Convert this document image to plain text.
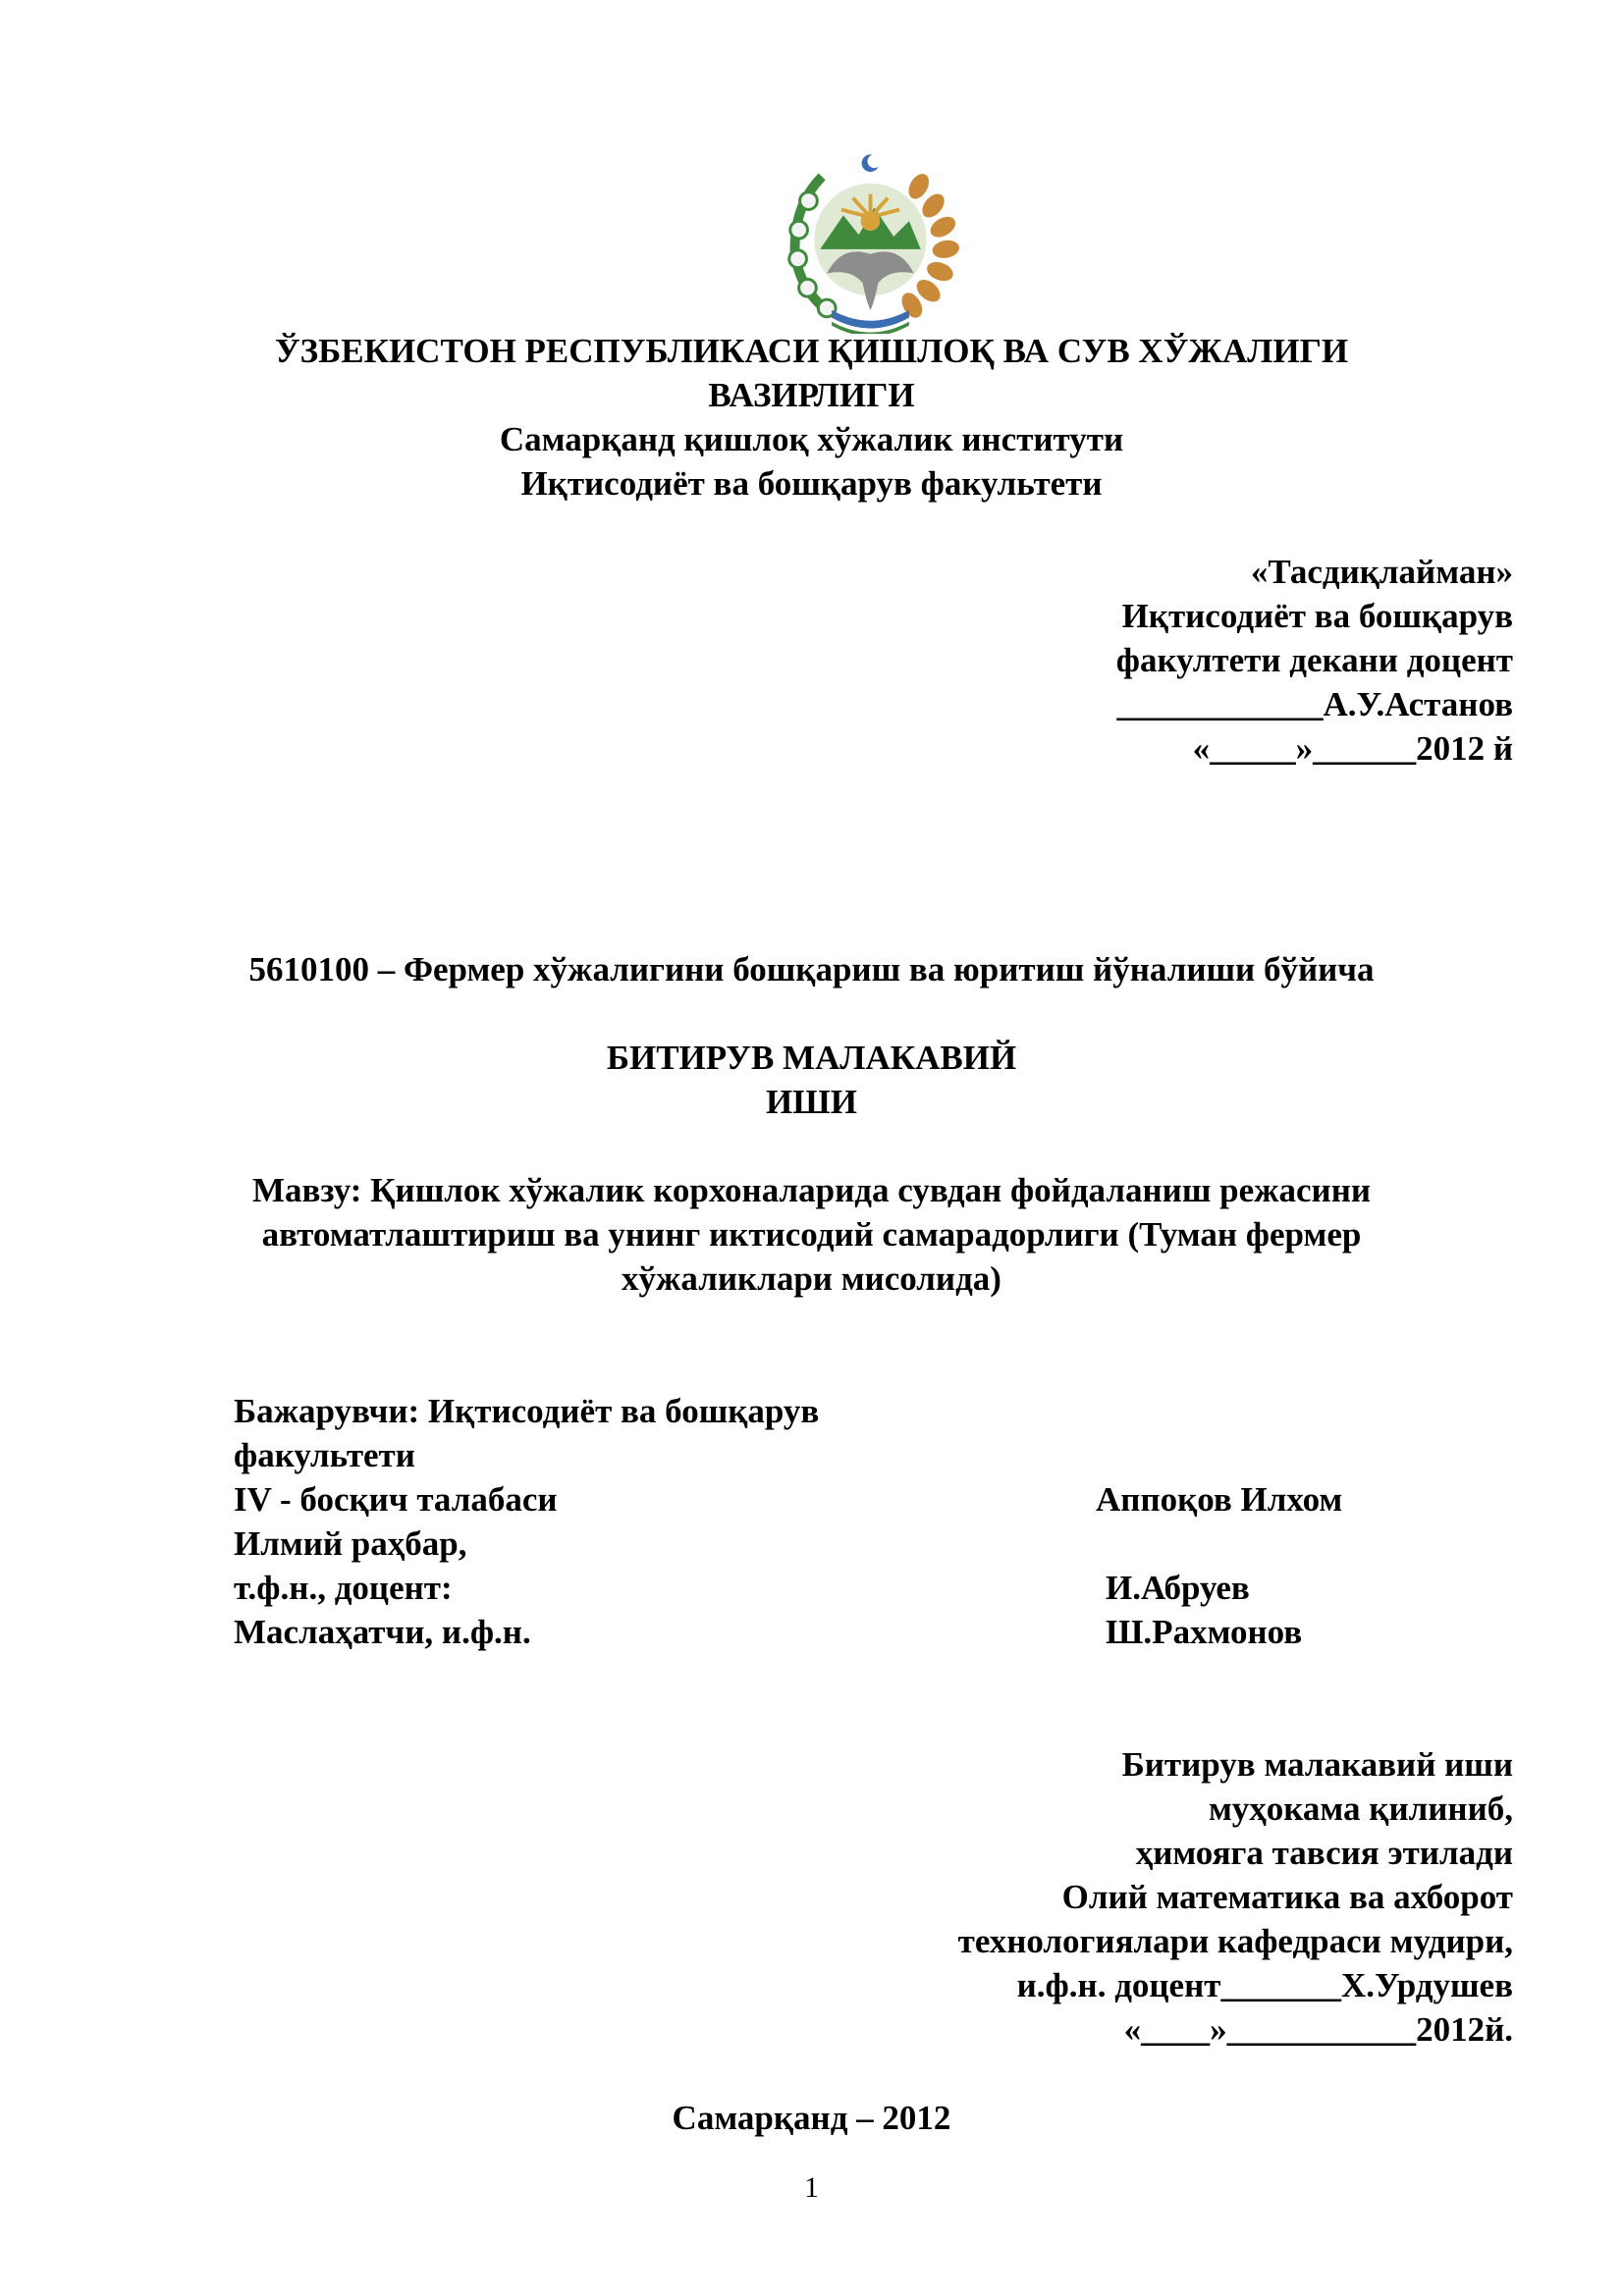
ЎЗБЕКИСТОН РЕСПУБЛИКАСИ ҚИШЛОҚ ВА СУВ ХЎЖАЛИГИ
ВАЗИРЛИГИ
Самарқанд қишлоқ хўжалик институти
Иқтисодиёт ва бошқарув факультети
«Тасдиқлайман»
Иқтисодиёт ва бошқарув
факултети декани доцент
____________А.У.Астанов
«_____»______2012 й
5610100 – Фермер хўжалигини бошқариш ва юритиш йўналиши бўйича
БИТИРУВ МАЛАКАВИЙ
ИШИ
Мавзу: Қишлок хўжалик корхоналарида сувдан фойдаланиш режасини
автоматлаштириш ва унинг иктисодий самарадорлиги (Туман фермер
хўжаликлари мисолида)
Бажарувчи: Иқтисодиёт ва бошқарув
факультети
IV - босқич талабаси	Аппоқов Илхом
Илмий раҳбар,
т.ф.н., доцент:	И.Абруев
Маслаҳатчи, и.ф.н.	Ш.Рахмонов
Битирув малакавий иши
муҳокама қилиниб,
ҳимояга тавсия этилади
Олий математика ва ахборот
технологиялари кафедраси мудири,
и.ф.н. доцент_______Х.Урдушев
«____»___________2012й.
Самарқанд – 2012
1
